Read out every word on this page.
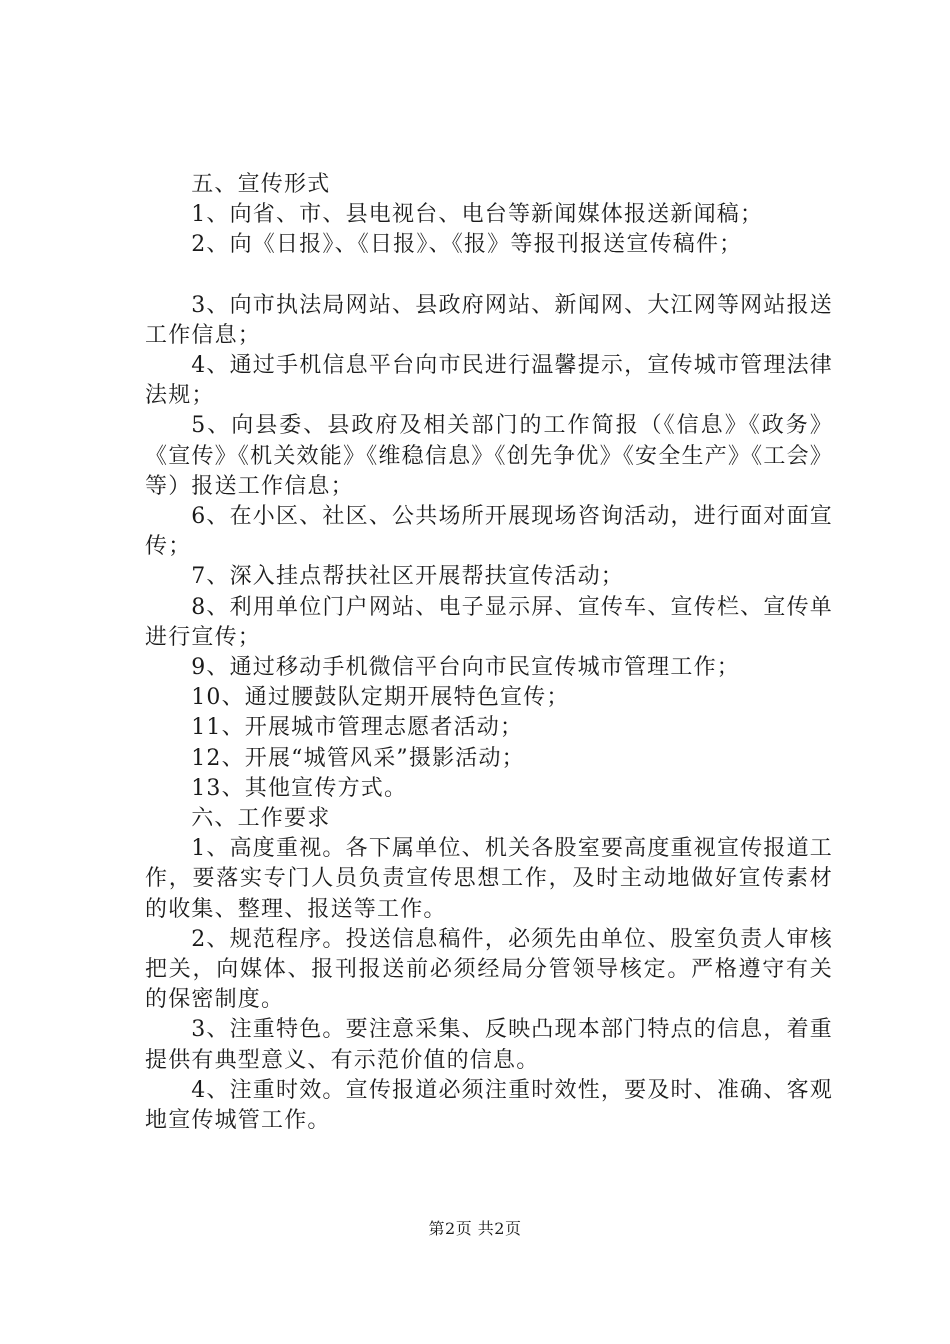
五、宣传形式

1、向省、市、县电视台、电台等新闻媒体报送新闻稿；

2、向《日报》、《日报》、《报》等报刊报送宣传稿件；

3、向市执法局网站、县政府网站、新闻网、大江网等网站报送工作信息；

4、通过手机信息平台向市民进行温馨提示，宣传城市管理法律法规；

5、向县委、县政府及相关部门的工作简报（《信息》《政务》《宣传》《机关效能》《维稳信息》《创先争优》《安全生产》《工会》等）报送工作信息；

6、在小区、社区、公共场所开展现场咨询活动，进行面对面宣传；

7、深入挂点帮扶社区开展帮扶宣传活动；

8、利用单位门户网站、电子显示屏、宣传车、宣传栏、宣传单进行宣传；

9、通过移动手机微信平台向市民宣传城市管理工作；

10、通过腰鼓队定期开展特色宣传；

11、开展城市管理志愿者活动；

12、开展“城管风采”摄影活动；

13、其他宣传方式。

六、工作要求

1、高度重视。各下属单位、机关各股室要高度重视宣传报道工作，要落实专门人员负责宣传思想工作，及时主动地做好宣传素材的收集、整理、报送等工作。

2、规范程序。投送信息稿件，必须先由单位、股室负责人审核把关，向媒体、报刊报送前必须经局分管领导核定。严格遵守有关的保密制度。

3、注重特色。要注意采集、反映凸现本部门特点的信息，着重提供有典型意义、有示范价值的信息。

4、注重时效。宣传报道必须注重时效性，要及时、准确、客观地宣传城管工作。

第2页 共2页
